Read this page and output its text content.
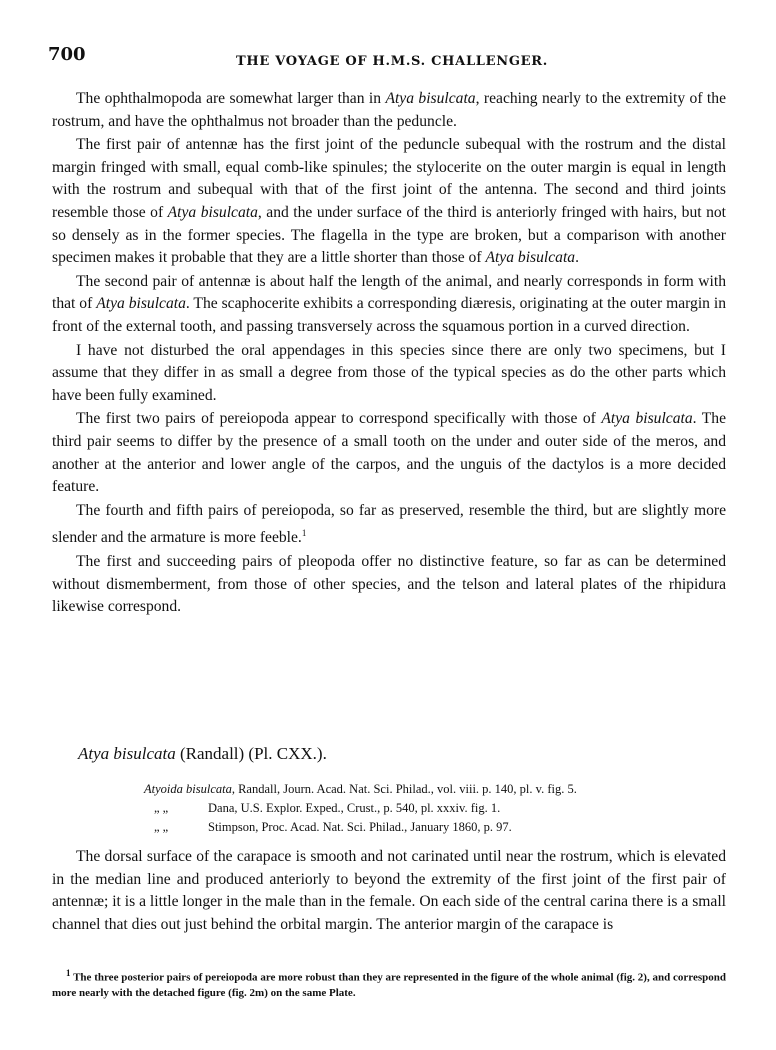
700	THE VOYAGE OF H.M.S. CHALLENGER.

The ophthalmopoda are somewhat larger than in Atya bisulcata, reaching nearly to the extremity of the rostrum, and have the ophthalmus not broader than the peduncle.

The first pair of antennæ has the first joint of the peduncle subequal with the rostrum and the distal margin fringed with small, equal comb-like spinules; the stylocerite on the outer margin is equal in length with the rostrum and subequal with that of the first joint of the antenna. The second and third joints resemble those of Atya bisulcata, and the under surface of the third is anteriorly fringed with hairs, but not so densely as in the former species. The flagella in the type are broken, but a comparison with another specimen makes it probable that they are a little shorter than those of Atya bisulcata.

The second pair of antennæ is about half the length of the animal, and nearly corresponds in form with that of Atya bisulcata. The scaphocerite exhibits a corresponding diæresis, originating at the outer margin in front of the external tooth, and passing transversely across the squamous portion in a curved direction.

I have not disturbed the oral appendages in this species since there are only two specimens, but I assume that they differ in as small a degree from those of the typical species as do the other parts which have been fully examined.

The first two pairs of pereiopoda appear to correspond specifically with those of Atya bisulcata. The third pair seems to differ by the presence of a small tooth on the under and outer side of the meros, and another at the anterior and lower angle of the carpos, and the unguis of the dactylos is a more decided feature.

The fourth and fifth pairs of pereiopoda, so far as preserved, resemble the third, but are slightly more slender and the armature is more feeble.$^1$

The first and succeeding pairs of pleopoda offer no distinctive feature, so far as can be determined without dismemberment, from those of other species, and the telson and lateral plates of the rhipidura likewise correspond.

Atya bisulcata (Randall) (Pl. CXX.).
Atyoida bisulcata, Randall, Journ. Acad. Nat. Sci. Philad., vol. viii. p. 140, pl. v. fig. 5.
„ „	Dana, U.S. Explor. Exped., Crust., p. 540, pl. xxxiv. fig. 1.
„ „	Stimpson, Proc. Acad. Nat. Sci. Philad., January 1860, p. 97.

The dorsal surface of the carapace is smooth and not carinated until near the rostrum, which is elevated in the median line and produced anteriorly to beyond the extremity of the first joint of the first pair of antennæ; it is a little longer in the male than in the female. On each side of the central carina there is a small channel that dies out just behind the orbital margin. The anterior margin of the carapace is

$^1$ The three posterior pairs of pereiopoda are more robust than they are represented in the figure of the whole animal (fig. 2), and correspond more nearly with the detached figure (fig. 2m) on the same Plate.
